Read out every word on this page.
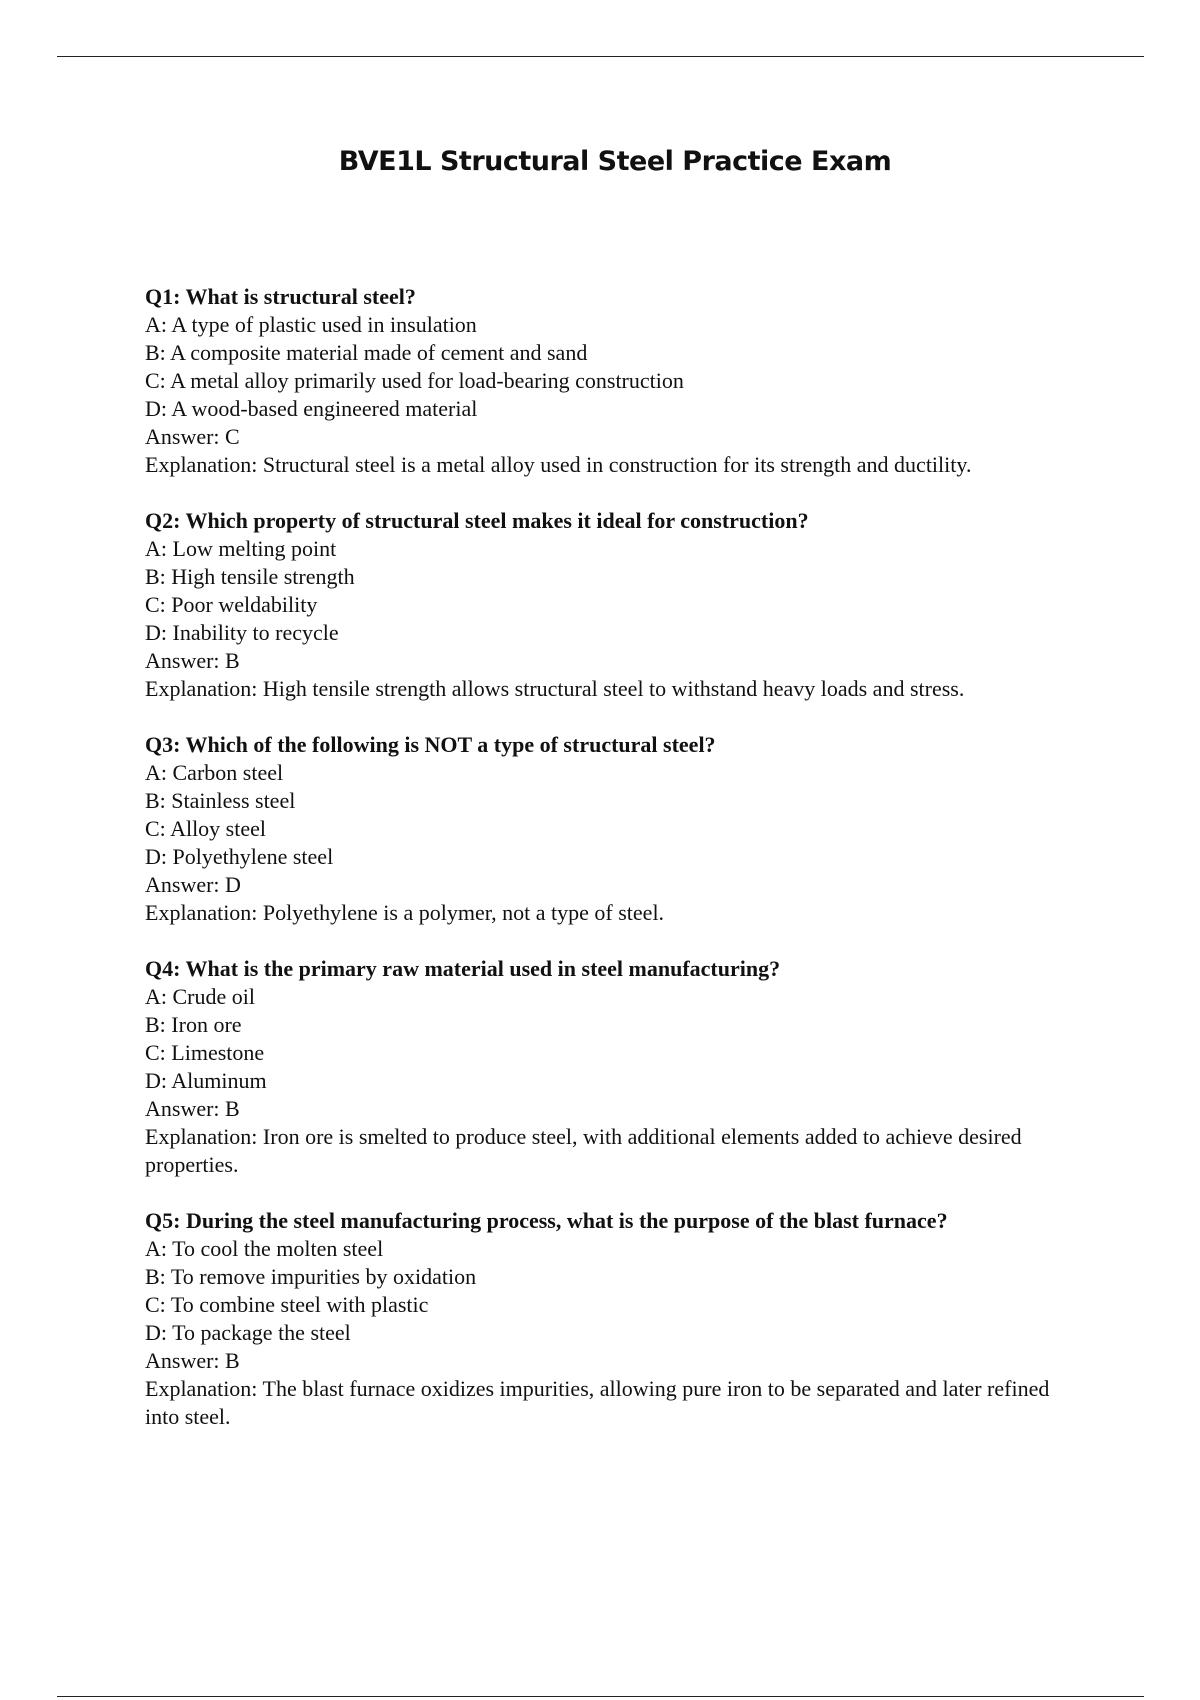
BVE1L Structural Steel Practice Exam

Q1: What is structural steel?

A: A type of plastic used in insulation

B: A composite material made of cement and sand

C: A metal alloy primarily used for load-bearing construction

D: A wood-based engineered material

Answer: C

Explanation: Structural steel is a metal alloy used in construction for its strength and ductility.

Q2: Which property of structural steel makes it ideal for construction?

A: Low melting point

B: High tensile strength

C: Poor weldability

D: Inability to recycle

Answer: B

Explanation: High tensile strength allows structural steel to withstand heavy loads and stress.

Q3: Which of the following is NOT a type of structural steel?

A: Carbon steel

B: Stainless steel

C: Alloy steel

D: Polyethylene steel

Answer: D

Explanation: Polyethylene is a polymer, not a type of steel.

Q4: What is the primary raw material used in steel manufacturing?

A: Crude oil

B: Iron ore

C: Limestone

D: Aluminum

Answer: B

Explanation: Iron ore is smelted to produce steel, with additional elements added to achieve desired properties.

Q5: During the steel manufacturing process, what is the purpose of the blast furnace?

A: To cool the molten steel

B: To remove impurities by oxidation

C: To combine steel with plastic

D: To package the steel

Answer: B

Explanation: The blast furnace oxidizes impurities, allowing pure iron to be separated and later refined into steel.
